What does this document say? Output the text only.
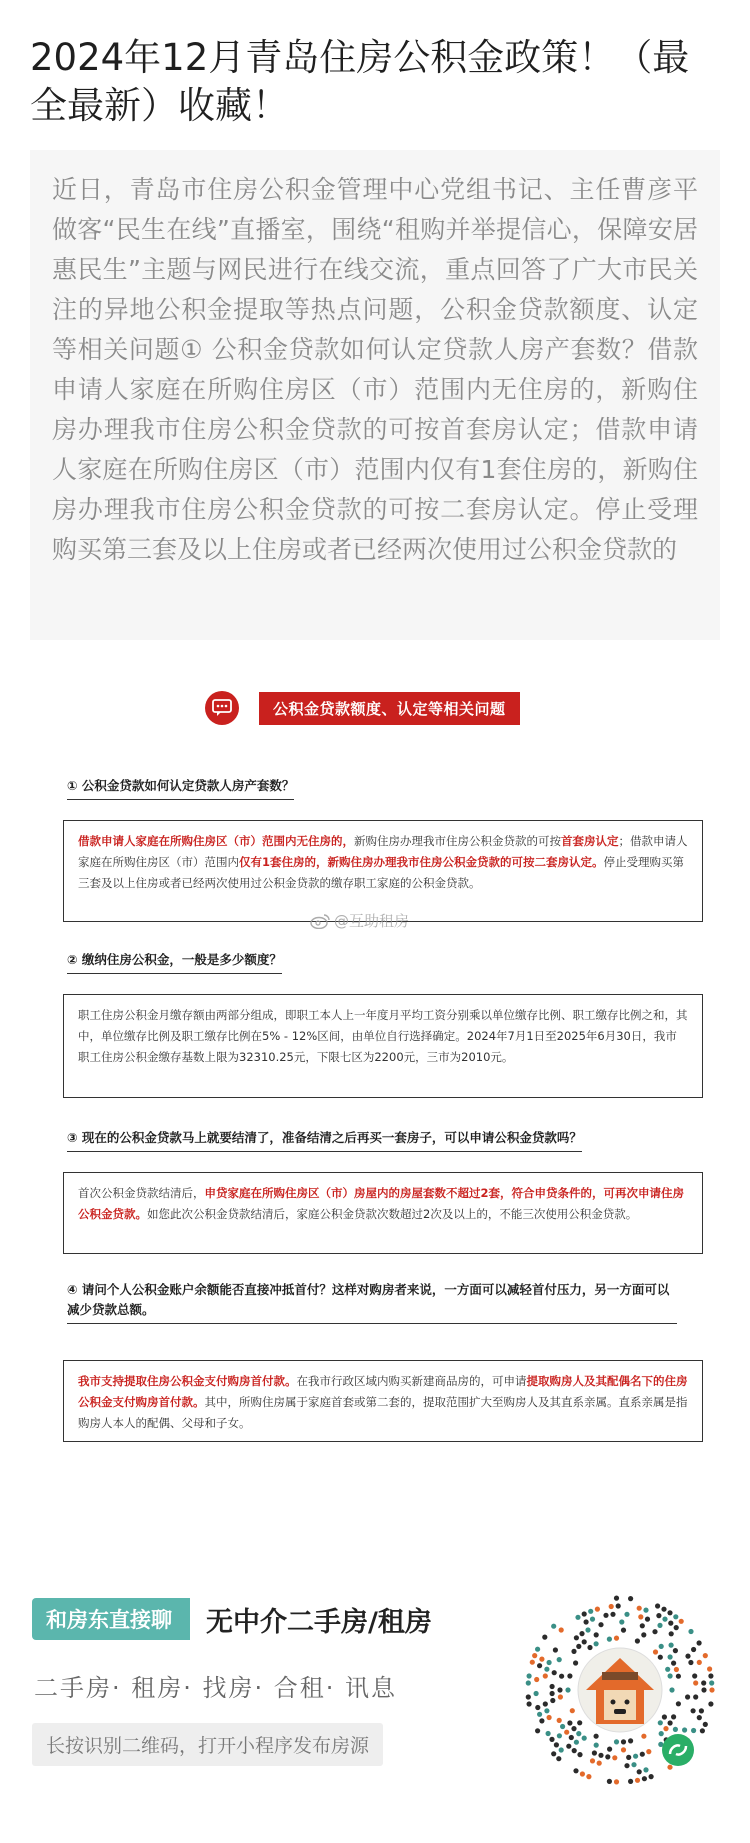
2024年12月青岛住房公积金政策！（最全最新）收藏！

近日，青岛市住房公积金管理中心党组书记、主任曹彦平做客“民生在线”直播室，围绕“租购并举提信心，保障安居惠民生”主题与网民进行在线交流，重点回答了广大市民关注的异地公积金提取等热点问题，公积金贷款额度、认定等相关问题① 公积金贷款如何认定贷款人房产套数？借款申请人家庭在所购住房区（市）范围内无住房的，新购住房办理我市住房公积金贷款的可按首套房认定；借款申请人家庭在所购住房区（市）范围内仅有1套住房的，新购住房办理我市住房公积金贷款的可按二套房认定。停止受理购买第三套及以上住房或者已经两次使用过公积金贷款的

公积金贷款额度、认定等相关问题
① 公积金贷款如何认定贷款人房产套数？
借款申请人家庭在所购住房区（市）范围内无住房的，新购住房办理我市住房公积金贷款的可按首套房认定；借款申请人家庭在所购住房区（市）范围内仅有1套住房的，新购住房办理我市住房公积金贷款的可按二套房认定。停止受理购买第三套及以上住房或者已经两次使用过公积金贷款的缴存职工家庭的公积金贷款。
@互助租房
② 缴纳住房公积金，一般是多少额度？
职工住房公积金月缴存额由两部分组成，即职工本人上一年度月平均工资分别乘以单位缴存比例、职工缴存比例之和，其中，单位缴存比例及职工缴存比例在5% - 12%区间，由单位自行选择确定。2024年7月1日至2025年6月30日，我市职工住房公积金缴存基数上限为32310.25元，下限七区为2200元，三市为2010元。
③ 现在的公积金贷款马上就要结清了，准备结清之后再买一套房子，可以申请公积金贷款吗？
首次公积金贷款结清后，申贷家庭在所购住房区（市）房屋内的房屋套数不超过2套，符合申贷条件的，可再次申请住房公积金贷款。如您此次公积金贷款结清后，家庭公积金贷款次数超过2次及以上的，不能三次使用公积金贷款。
④ 请问个人公积金账户余额能否直接冲抵首付？这样对购房者来说，一方面可以减轻首付压力，另一方面可以减少贷款总额。
我市支持提取住房公积金支付购房首付款。在我市行政区域内购买新建商品房的，可申请提取购房人及其配偶名下的住房公积金支付购房首付款。其中，所购住房属于家庭首套或第二套的，提取范围扩大至购房人及其直系亲属。直系亲属是指购房人本人的配偶、父母和子女。
和房东直接聊	无中介二手房/租房
二手房· 租房· 找房· 合租· 讯息
长按识别二维码，打开小程序发布房源
